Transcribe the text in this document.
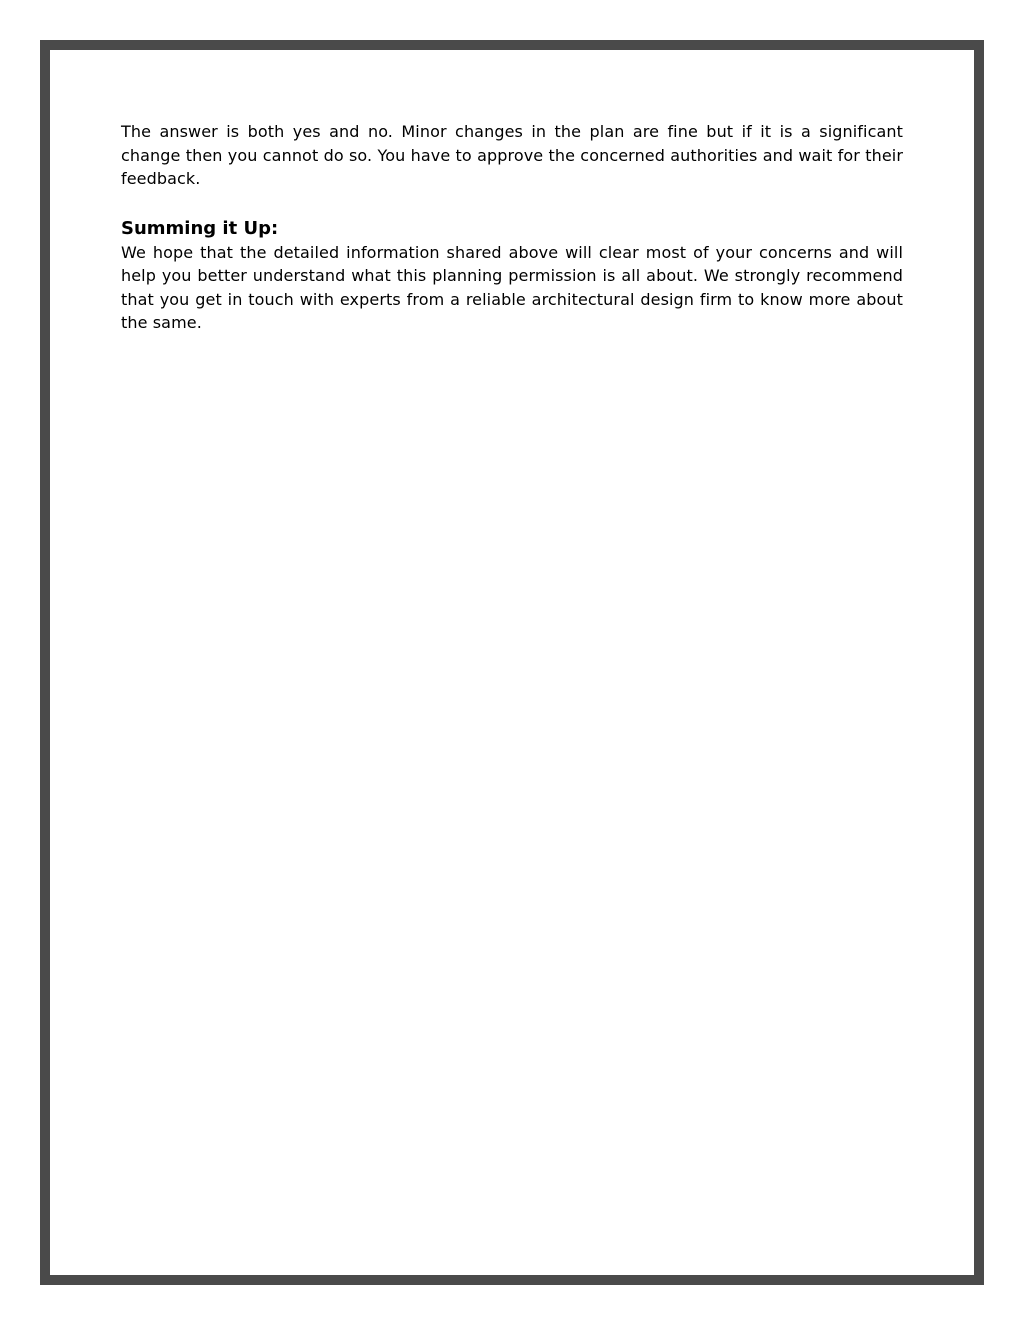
The answer is both yes and no. Minor changes in the plan are fine but if it is a significant change then you cannot do so. You have to approve the concerned authorities and wait for their feedback.

Summing it Up:

We hope that the detailed information shared above will clear most of your concerns and will help you better understand what this planning permission is all about. We strongly recommend that you get in touch with experts from a reliable architectural design firm to know more about the same.
